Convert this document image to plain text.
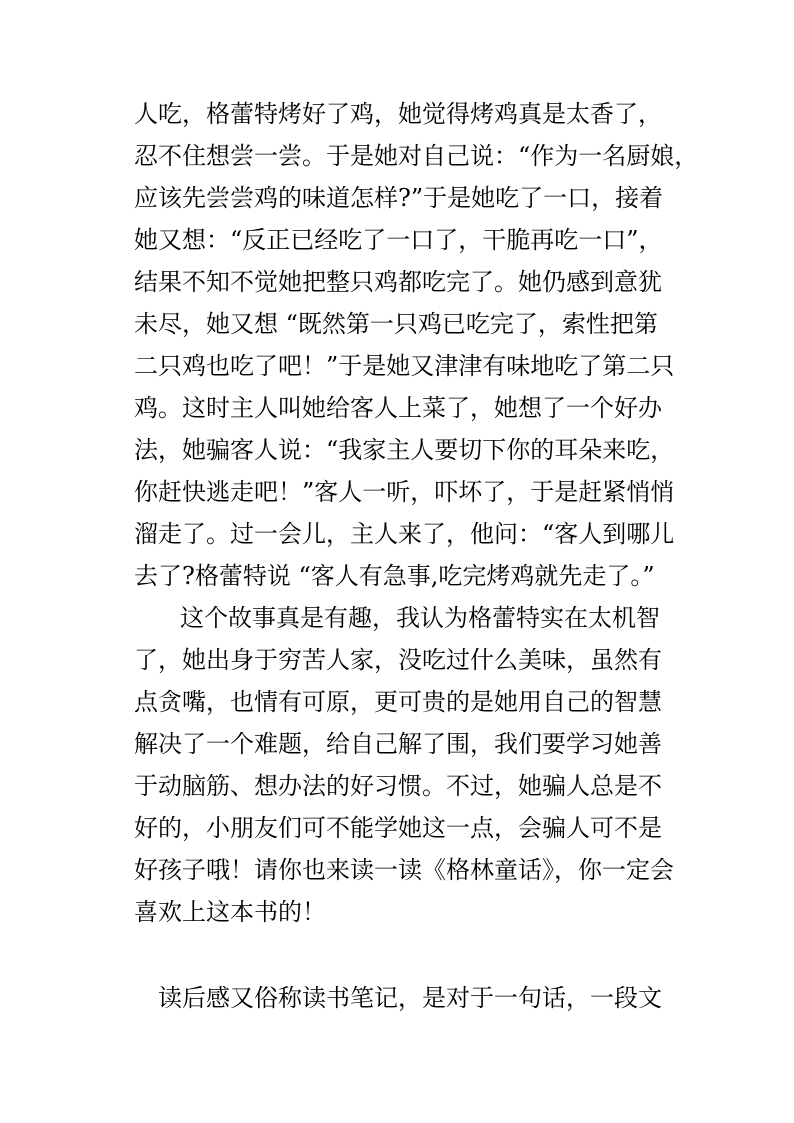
人吃，格蕾特烤好了鸡，她觉得烤鸡真是太香了，
忍不住想尝一尝。于是她对自己说：“作为一名厨娘，
应该先尝尝鸡的味道怎样?”于是她吃了一口，接着
她又想：“反正已经吃了一口了，干脆再吃一口”，
结果不知不觉她把整只鸡都吃完了。她仍感到意犹
未尽，她又想 “既然第一只鸡已吃完了，索性把第
二只鸡也吃了吧！”于是她又津津有味地吃了第二只
鸡。这时主人叫她给客人上菜了，她想了一个好办
法，她骗客人说：“我家主人要切下你的耳朵来吃，
你赶快逃走吧！”客人一听，吓坏了，于是赶紧悄悄
溜走了。过一会儿，主人来了，他问：“客人到哪儿
去了?格蕾特说 “客人有急事,吃完烤鸡就先走了。”
这个故事真是有趣，我认为格蕾特实在太机智
了，她出身于穷苦人家，没吃过什么美味，虽然有
点贪嘴，也情有可原，更可贵的是她用自己的智慧
解决了一个难题，给自己解了围，我们要学习她善
于动脑筋、想办法的好习惯。不过，她骗人总是不
好的，小朋友们可不能学她这一点，会骗人可不是
好孩子哦！请你也来读一读《格林童话》，你一定会
喜欢上这本书的！
读后感又俗称读书笔记，是对于一句话，一段文
